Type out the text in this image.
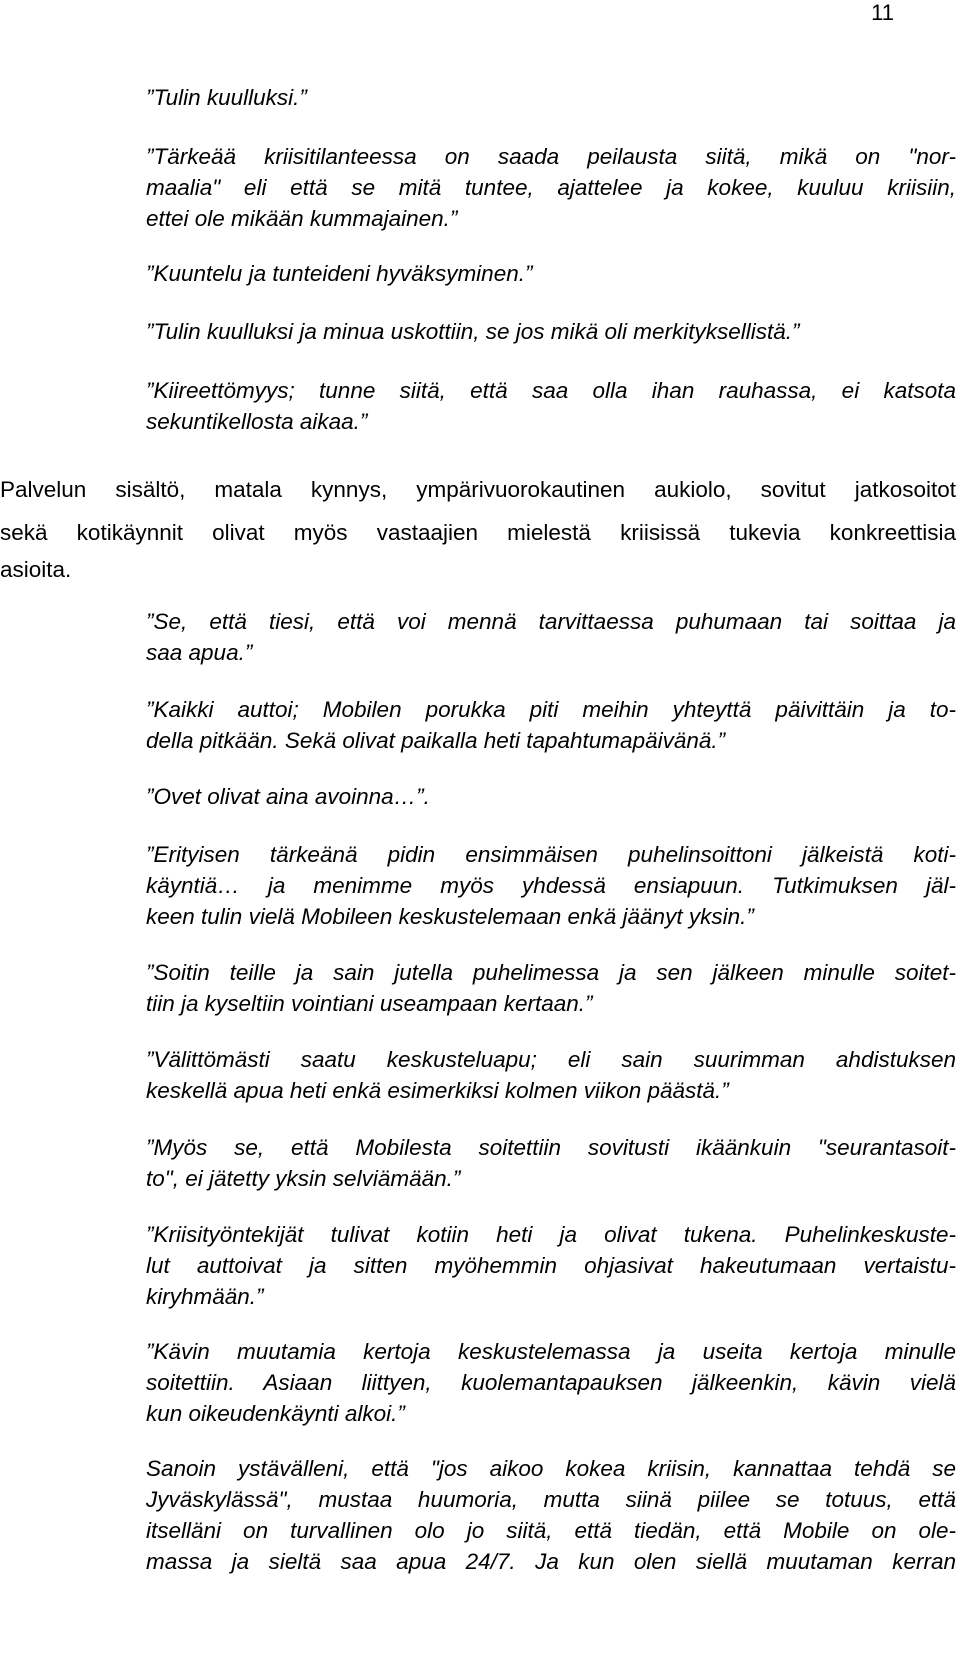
11

”Tulin kuulluksi.”

”Tärkeää kriisitilanteessa on saada peilausta siitä, mikä on "nor-
maalia" eli että se mitä tuntee, ajattelee ja kokee, kuuluu kriisiin,
ettei ole mikään kummajainen.”

”Kuuntelu ja tunteideni hyväksyminen.”

”Tulin kuulluksi ja minua uskottiin, se jos mikä oli merkityksellistä.”

”Kiireettömyys; tunne siitä, että saa olla ihan rauhassa, ei katsota
sekuntikellosta aikaa.”

Palvelun sisältö, matala kynnys, ympärivuorokautinen aukiolo, sovitut jatkosoitot
sekä kotikäynnit olivat myös vastaajien mielestä kriisissä tukevia konkreettisia
asioita.

”Se, että tiesi, että voi mennä tarvittaessa puhumaan tai soittaa ja
saa apua.”

”Kaikki auttoi; Mobilen porukka piti meihin yhteyttä päivittäin ja to-
della pitkään. Sekä olivat paikalla heti tapahtumapäivänä.”

”Ovet olivat aina avoinna…”.

”Erityisen tärkeänä pidin ensimmäisen puhelinsoittoni jälkeistä koti-
käyntiä… ja menimme myös yhdessä ensiapuun. Tutkimuksen jäl-
keen tulin vielä Mobileen keskustelemaan enkä jäänyt yksin.”

”Soitin teille ja sain jutella puhelimessa ja sen jälkeen minulle soitet-
tiin ja kyseltiin vointiani useampaan kertaan.”

”Välittömästi saatu keskusteluapu; eli sain suurimman ahdistuksen
keskellä apua heti enkä esimerkiksi kolmen viikon päästä.”

”Myös se, että Mobilesta soitettiin sovitusti ikäänkuin "seurantasoit-
to", ei jätetty yksin selviämään.”

”Kriisityöntekijät tulivat kotiin heti ja olivat tukena. Puhelinkeskuste-
lut auttoivat ja sitten myöhemmin ohjasivat hakeutumaan vertaistu-
kiryhmään.”

”Kävin muutamia kertoja keskustelemassa ja useita kertoja minulle
soitettiin. Asiaan liittyen, kuolemantapauksen jälkeenkin, kävin vielä
kun oikeudenkäynti alkoi.”

Sanoin ystävälleni, että "jos aikoo kokea kriisin, kannattaa tehdä se
Jyväskylässä", mustaa huumoria, mutta siinä piilee se totuus, että
itselläni on turvallinen olo jo siitä, että tiedän, että Mobile on ole-
massa ja sieltä saa apua 24/7. Ja kun olen siellä muutaman kerran
